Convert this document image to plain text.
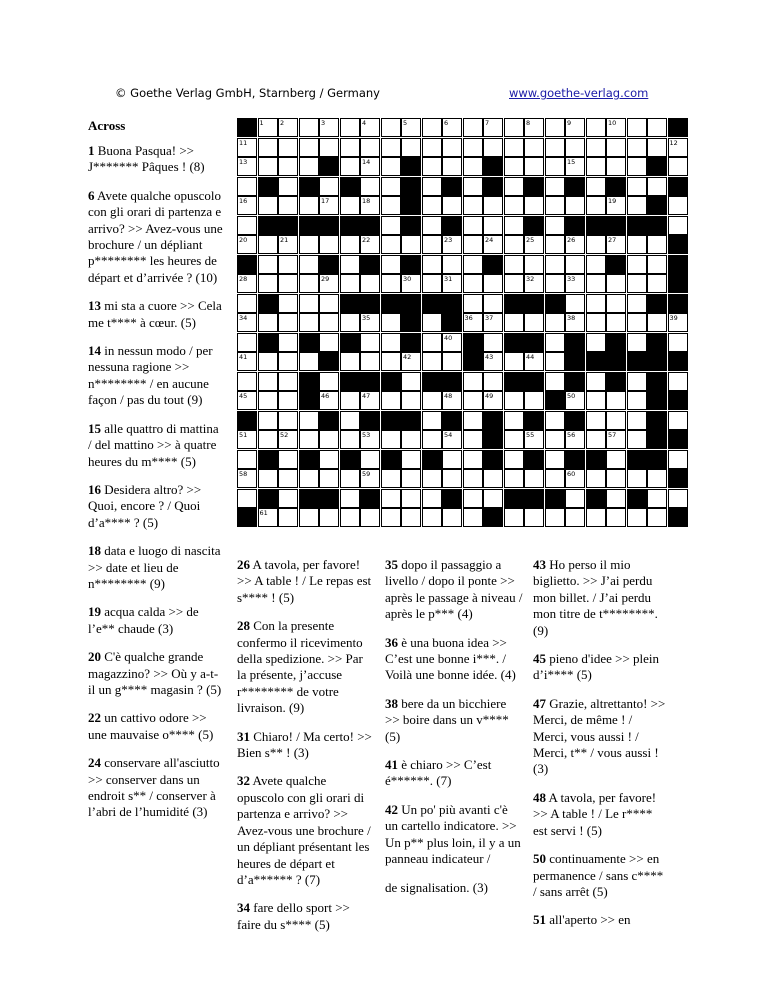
© Goethe Verlag GmbH, Starnberg / Germany	www.goethe-verlag.com
Across

1 Buona Pasqua! >> J******* Pâques ! (8)

6 Avete qualche opuscolo con gli orari di partenza e arrivo? >> Avez-vous une brochure / un dépliant p******** les heures de départ et d’arrivée ? (10)

13 mi sta a cuore >> Cela me t**** à cœur. (5)

14 in nessun modo / per nessuna ragione >> n******** / en aucune façon / pas du tout (9)

15 alle quattro di mattina / del mattino >> à quatre heures du m**** (5)

16 Desidera altro? >> Quoi, encore ? / Quoi d’a**** ? (5)

18 data e luogo di nascita >> date et lieu de n******** (9)

19 acqua calda >> de l’e** chaude (3)

20 C'è qualche grande magazzino? >> Où y a-t-il un g**** magasin ? (5)

22 un cattivo odore >> une mauvaise o**** (5)

24 conservare all'asciutto >> conserver dans un endroit s** / conserver à l’abri de l’humidité (3)

26 A tavola, per favore! >> A table ! / Le repas est s**** ! (5)

28 Con la presente confermo il ricevimento della spedizione. >> Par la présente, j’accuse r******** de votre livraison. (9)

31 Chiaro! / Ma certo! >> Bien s** ! (3)

32 Avete qualche opuscolo con gli orari di partenza e arrivo? >> Avez-vous une brochure / un dépliant présentant les heures de départ et d’a****** ? (7)

34 fare dello sport >> faire du s**** (5)

35 dopo il passaggio a livello / dopo il ponte >> après le passage à niveau / après le p*** (4)

36 è una buona idea >> C’est une bonne i***. / Voilà une bonne idée. (4)

38 bere da un bicchiere >> boire dans un v**** (5)

41 è chiaro >> C’est é******. (7)

42 Un po' più avanti c'è un cartello indicatore. >> Un p** plus loin, il y a un panneau indicateur /

de signalisation. (3)

43 Ho perso il mio biglietto. >> J’ai perdu mon billet. / J’ai perdu mon titre de t********. (9)

45 pieno d'idee >> plein d’i**** (5)

47 Grazie, altrettanto! >> Merci, de même ! / Merci, vous aussi ! / Merci, t** / vous aussi ! (3)

48 A tavola, per favore! >> A table ! / Le r**** est servi ! (5)

50 continuamente >> en permanence / sans c**** / sans arrêt (5)

51 all'aperto >> en

1	2	3	4	5	6	7	8	9	10
11	12
13	14	15
16	17	18	19
20	21	22	23	24	25	26	27
28	29	30	31	32	33
34	35	36 37	38	39
40
41	42	43	44
45	46	47	48	49	50
51	52	53	54	55	56	57
58	59	60
61	62
